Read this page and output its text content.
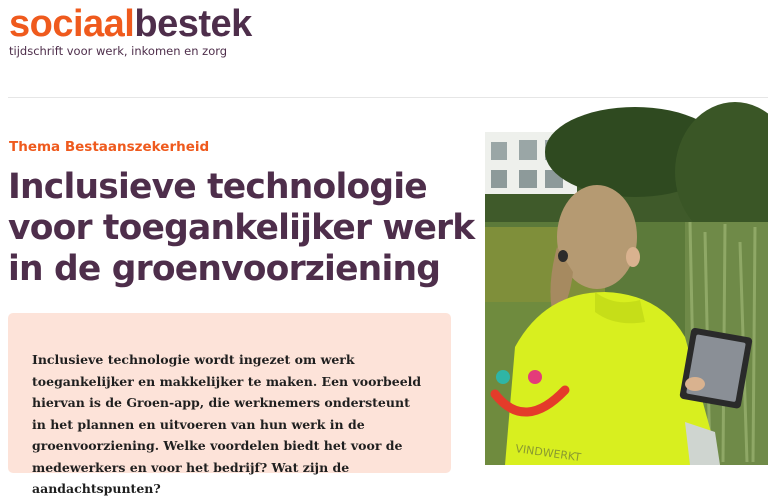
sociaalbestek
tijdschrift voor werk, inkomen en zorg
Thema Bestaanszekerheid
Inclusieve technologie voor toegankelijker werk in de groenvoorziening

Inclusieve technologie wordt ingezet om werk toegankelijker en makkelijker te maken. Een voorbeeld hiervan is de Groen-app, die werknemers ondersteunt in het plannen en uitvoeren van hun werk in de groenvoorziening. Welke voordelen biedt het voor de medewerkers en voor het bedrijf? Wat zijn de aandachtspunten?

VINDWERKT
